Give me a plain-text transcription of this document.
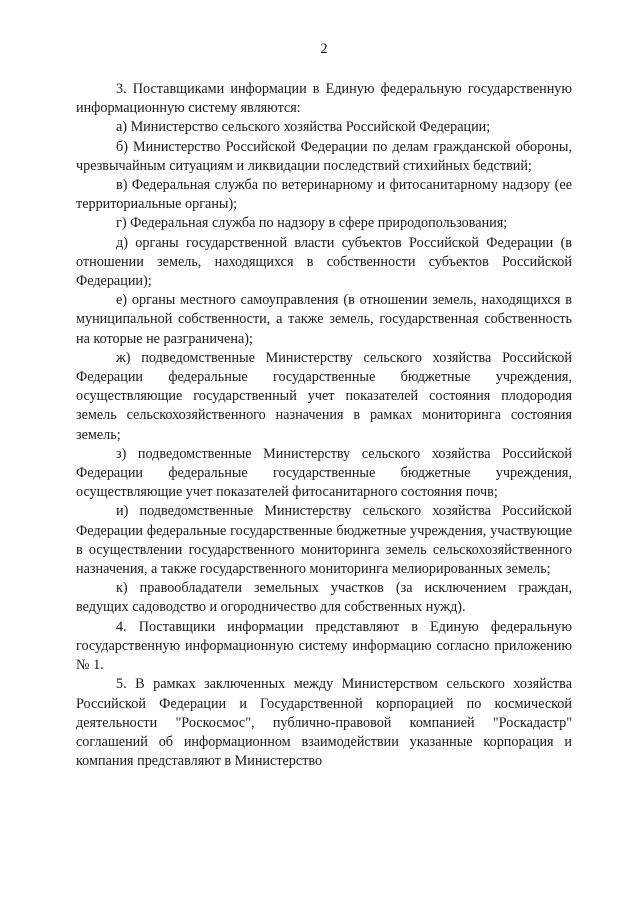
2

3. Поставщиками информации в Единую федеральную государственную информационную систему являются:

а) Министерство сельского хозяйства Российской Федерации;

б) Министерство Российской Федерации по делам гражданской обороны, чрезвычайным ситуациям и ликвидации последствий стихийных бедствий;

в) Федеральная служба по ветеринарному и фитосанитарному надзору (ее территориальные органы);

г) Федеральная служба по надзору в сфере природопользования;

д) органы государственной власти субъектов Российской Федерации (в отношении земель, находящихся в собственности субъектов Российской Федерации);

е) органы местного самоуправления (в отношении земель, находящихся в муниципальной собственности, а также земель, государственная собственность на которые не разграничена);

ж) подведомственные Министерству сельского хозяйства Российской Федерации федеральные государственные бюджетные учреждения, осуществляющие государственный учет показателей состояния плодородия земель сельскохозяйственного назначения в рамках мониторинга состояния земель;

з) подведомственные Министерству сельского хозяйства Российской Федерации федеральные государственные бюджетные учреждения, осуществляющие учет показателей фитосанитарного состояния почв;

и) подведомственные Министерству сельского хозяйства Российской Федерации федеральные государственные бюджетные учреждения, участвующие в осуществлении государственного мониторинга земель сельскохозяйственного назначения, а также государственного мониторинга мелиорированных земель;

к) правообладатели земельных участков (за исключением граждан, ведущих садоводство и огородничество для собственных нужд).

4. Поставщики информации представляют в Единую федеральную государственную информационную систему информацию согласно приложению № 1.

5. В рамках заключенных между Министерством сельского хозяйства Российской Федерации и Государственной корпорацией по космической деятельности "Роскосмос", публично-правовой компанией "Роскадастр" соглашений об информационном взаимодействии указанные корпорация и компания представляют в Министерство
